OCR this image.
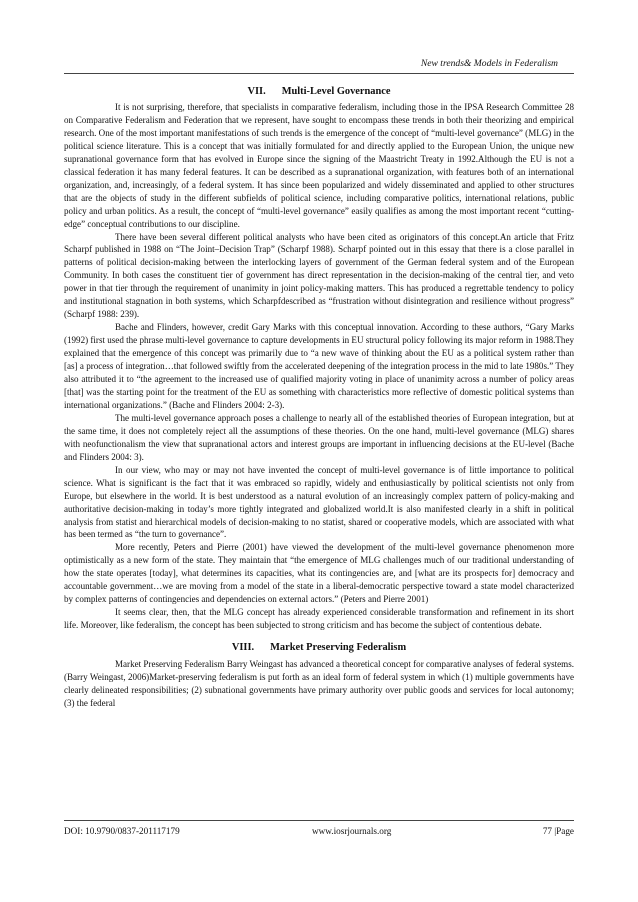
New trends& Models in Federalism
VII. Multi-Level Governance

It is not surprising, therefore, that specialists in comparative federalism, including those in the IPSA Research Committee 28 on Comparative Federalism and Federation that we represent, have sought to encompass these trends in both their theorizing and empirical research. One of the most important manifestations of such trends is the emergence of the concept of “multi-level governance” (MLG) in the political science literature. This is a concept that was initially formulated for and directly applied to the European Union, the unique new supranational governance form that has evolved in Europe since the signing of the Maastricht Treaty in 1992.Although the EU is not a classical federation it has many federal features. It can be described as a supranational organization, with features both of an international organization, and, increasingly, of a federal system. It has since been popularized and widely disseminated and applied to other structures that are the objects of study in the different subfields of political science, including comparative politics, international relations, public policy and urban politics. As a result, the concept of “multi-level governance” easily qualifies as among the most important recent “cutting-edge” conceptual contributions to our discipline.

There have been several different political analysts who have been cited as originators of this concept.An article that Fritz Scharpf published in 1988 on “The Joint–Decision Trap” (Scharpf 1988). Scharpf pointed out in this essay that there is a close parallel in patterns of political decision-making between the interlocking layers of government of the German federal system and of the European Community. In both cases the constituent tier of government has direct representation in the decision-making of the central tier, and veto power in that tier through the requirement of unanimity in joint policy-making matters. This has produced a regrettable tendency to policy and institutional stagnation in both systems, which Scharpfdescribed as “frustration without disintegration and resilience without progress” (Scharpf 1988: 239).

Bache and Flinders, however, credit Gary Marks with this conceptual innovation. According to these authors, “Gary Marks (1992) first used the phrase multi-level governance to capture developments in EU structural policy following its major reform in 1988.They explained that the emergence of this concept was primarily due to “a new wave of thinking about the EU as a political system rather than [as] a process of integration…that followed swiftly from the accelerated deepening of the integration process in the mid to late 1980s.” They also attributed it to “the agreement to the increased use of qualified majority voting in place of unanimity across a number of policy areas [that] was the starting point for the treatment of the EU as something with characteristics more reflective of domestic political systems than international organizations.” (Bache and Flinders 2004: 2-3).

The multi-level governance approach poses a challenge to nearly all of the established theories of European integration, but at the same time, it does not completely reject all the assumptions of these theories. On the one hand, multi-level governance (MLG) shares with neofunctionalism the view that supranational actors and interest groups are important in influencing decisions at the EU-level (Bache and Flinders 2004: 3).

In our view, who may or may not have invented the concept of multi-level governance is of little importance to political science. What is significant is the fact that it was embraced so rapidly, widely and enthusiastically by political scientists not only from Europe, but elsewhere in the world. It is best understood as a natural evolution of an increasingly complex pattern of policy-making and authoritative decision-making in today’s more tightly integrated and globalized world.It is also manifested clearly in a shift in political analysis from statist and hierarchical models of decision-making to no statist, shared or cooperative models, which are associated with what has been termed as “the turn to governance”.

More recently, Peters and Pierre (2001) have viewed the development of the multi-level governance phenomenon more optimistically as a new form of the state. They maintain that “the emergence of MLG challenges much of our traditional understanding of how the state operates [today], what determines its capacities, what its contingencies are, and [what are its prospects for] democracy and accountable government…we are moving from a model of the state in a liberal-democratic perspective toward a state model characterized by complex patterns of contingencies and dependencies on external actors.” (Peters and Pierre 2001)

It seems clear, then, that the MLG concept has already experienced considerable transformation and refinement in its short life. Moreover, like federalism, the concept has been subjected to strong criticism and has become the subject of contentious debate.

VIII. Market Preserving Federalism

Market Preserving Federalism Barry Weingast has advanced a theoretical concept for comparative analyses of federal systems.(Barry Weingast, 2006)Market-preserving federalism is put forth as an ideal form of federal system in which (1) multiple governments have clearly delineated responsibilities; (2) subnational governments have primary authority over public goods and services for local autonomy; (3) the federal

DOI: 10.9790/0837-201117179	www.iosrjournals.org	77 |Page
